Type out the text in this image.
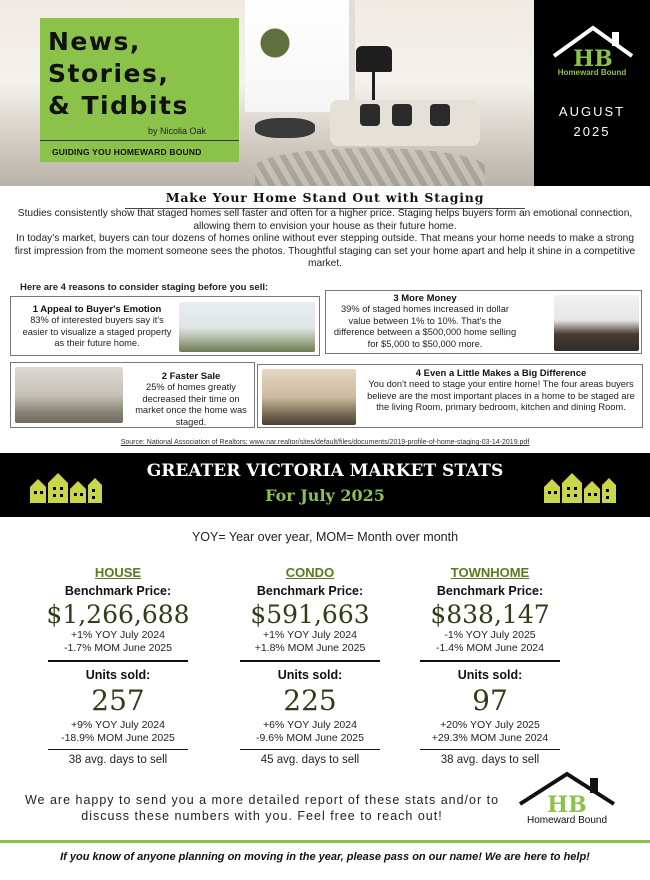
News,
Stories,
& Tidbits
by Nicolia Oak
GUIDING YOU HOMEWARD BOUND
HB
Homeward Bound
AUGUST
2025
Make Your Home Stand Out with Staging
Studies consistently show that staged homes sell faster and often for a higher price. Staging helps buyers form an emotional connection, allowing them to envision your house as their future home.
In today’s market, buyers can tour dozens of homes online without ever stepping outside. That means your home needs to make a strong first impression from the moment someone sees the photos. Thoughtful staging can set your home apart and help it shine in a competitive market.
Here are 4 reasons to consider staging before you sell:
1 Appeal to Buyer's Emotion
83% of interested buyers say it's easier to visualize a staged property as their future home.
3 More Money
39% of staged homes increased in dollar value between 1% to 10%. That's the difference between a $500,000 home selling for $5,000 to $50,000 more.
2 Faster Sale
25% of homes greatly decreased their time on market once the home was staged.
4 Even a Little Makes a Big Difference
You don't need to stage your entire home! The four areas buyers believe are the most important places in a home to be staged are the living Room, primary bedroom, kitchen and dining Room.
Source: National Association of Realtors: www.nar.realtor/sites/default/files/documents/2019-profile-of-home-staging-03-14-2019.pdf
GREATER VICTORIA MARKET STATS
For July 2025
YOY= Year over year, MOM= Month over month
HOUSE
Benchmark Price:
$1,266,688
+1% YOY July 2024
-1.7% MOM June 2025
Units sold:
257
+9% YOY July 2024
-18.9% MOM June 2025
38 avg. days to sell
CONDO
Benchmark Price:
$591,663
+1% YOY July 2024
+1.8% MOM June 2025
Units sold:
225
+6% YOY July 2024
-9.6% MOM June 2025
45 avg. days to sell
TOWNHOME
Benchmark Price:
$838,147
-1% YOY July 2025
-1.4% MOM June 2024
Units sold:
97
+20% YOY July 2025
+29.3% MOM June 2024
38 avg. days to sell
We are happy to send you a more detailed report of these stats and/or to discuss these numbers with you. Feel free to reach out!	HB
Homeward Bound
If you know of anyone planning on moving in the year, please pass on our name! We are here to help!
